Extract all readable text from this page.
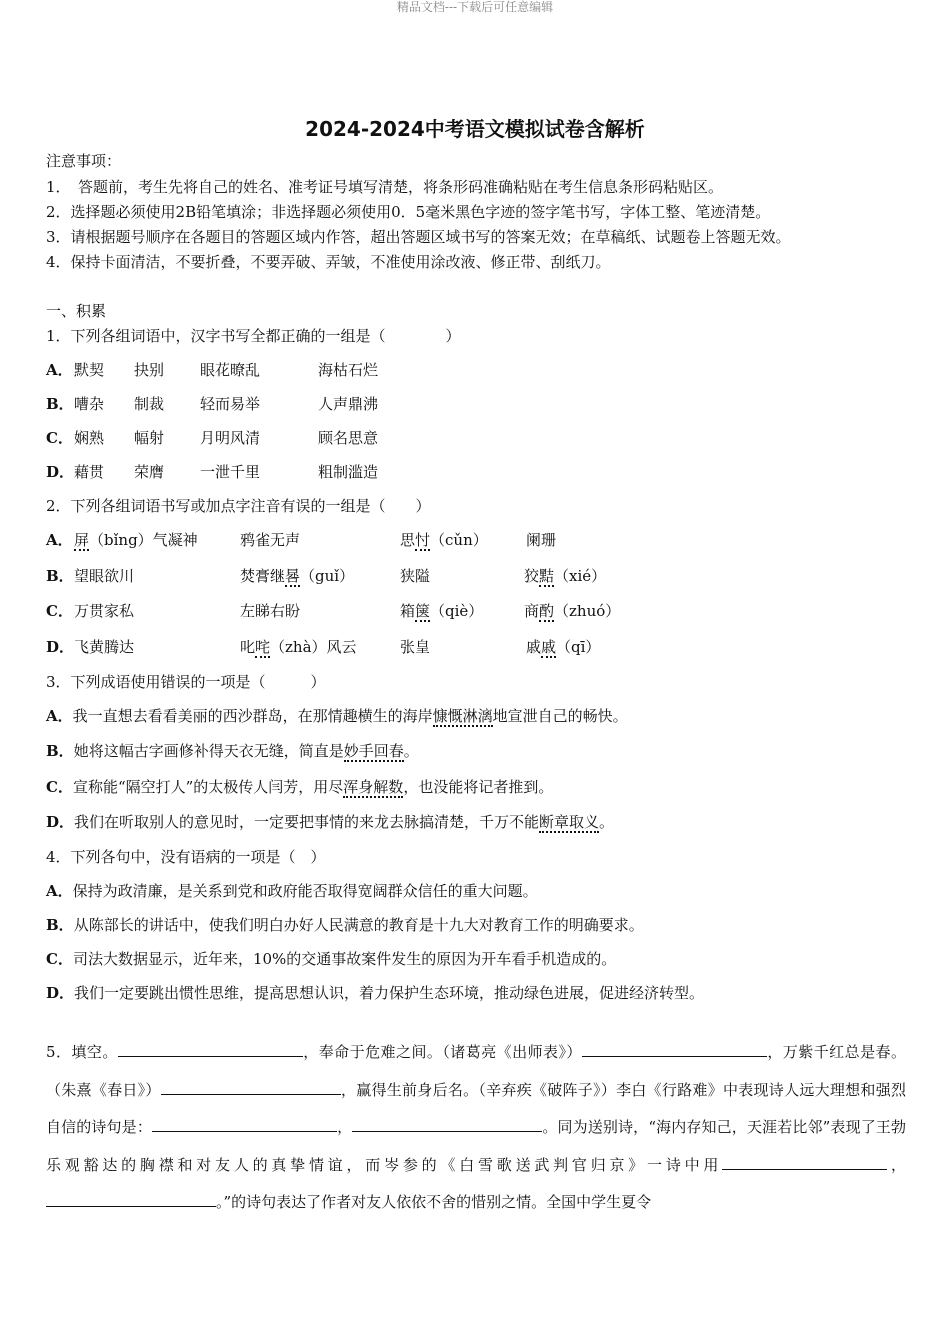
精品文档---下载后可任意编辑
2024-2024中考语文模拟试卷含解析
注意事项：
1．　答题前，考生先将自己的姓名、准考证号填写清楚，将条形码准确粘贴在考生信息条形码粘贴区。
2．选择题必须使用2B铅笔填涂；非选择题必须使用0．5毫米黑色字迹的签字笔书写，字体工整、笔迹清楚。
3．请根据题号顺序在各题目的答题区域内作答，超出答题区域书写的答案无效；在草稿纸、试题卷上答题无效。
4．保持卡面清洁，不要折叠，不要弄破、弄皱，不准使用涂改液、修正带、刮纸刀。
一、积累
1．下列各组词语中，汉字书写全都正确的一组是（　　　　）
A． 默契 抉别 眼花暸乱	海枯石烂
B． 嘈杂 制裁 轻而易举	人声鼎沸
C． 娴熟 幅射 月明风清	顾名思意
D． 藉贯 荣膺 一泄千里	粗制滥造
2．下列各组词语书写或加点字注音有误的一组是（　　）
A． 屏（bǐng）气凝神	鸦雀无声	思忖（cǔn）	阑珊
B． 望眼欲川	焚膏继晷（guǐ）	狭隘	狡黠（xié）
C． 万贯家私	左睇右盼	箱箧（qiè）	商酌（zhuó）
D． 飞黄腾达	叱咤（zhà）风云	张皇	戚戚（qī）
3．下列成语使用错误的一项是（　　　）
A．我一直想去看看美丽的西沙群岛，在那情趣横生的海岸慷慨淋漓地宣泄自己的畅快。
B．她将这幅古字画修补得天衣无缝，简直是妙手回春。
C．宣称能“隔空打人”的太极传人闫芳，用尽浑身解数，也没能将记者推到。
D．我们在听取别人的意见时，一定要把事情的来龙去脉搞清楚，千万不能断章取义。
4．下列各句中，没有语病的一项是（　）
A．保持为政清廉，是关系到党和政府能否取得宽阔群众信任的重大问题。
B．从陈部长的讲话中，使我们明白办好人民满意的教育是十九大对教育工作的明确要求。
C．司法大数据显示，近年来，10%的交通事故案件发生的原因为开车看手机造成的。
D．我们一定要跳出惯性思维，提高思想认识，着力保护生态环境，推动绿色进展，促进经济转型。
5．填空。	，奉命于危难之间。（诸葛亮《出师表》）	，万紫千红总是春。（朱熹《春日》）	，赢得生前身后名。（辛弃疾《破阵子》）李白《行路难》中表现诗人远大理想和强烈自信的诗句是：	，	。同为送别诗，“海内存知己，天涯若比邻”表现了王勃乐观豁达的胸襟和对友人的真挚情谊，而岑参的《白雪歌送武判官归京》一诗中用	，。”的诗句表达了作者对友人依依不舍的惜别之情。全国中学生夏令
